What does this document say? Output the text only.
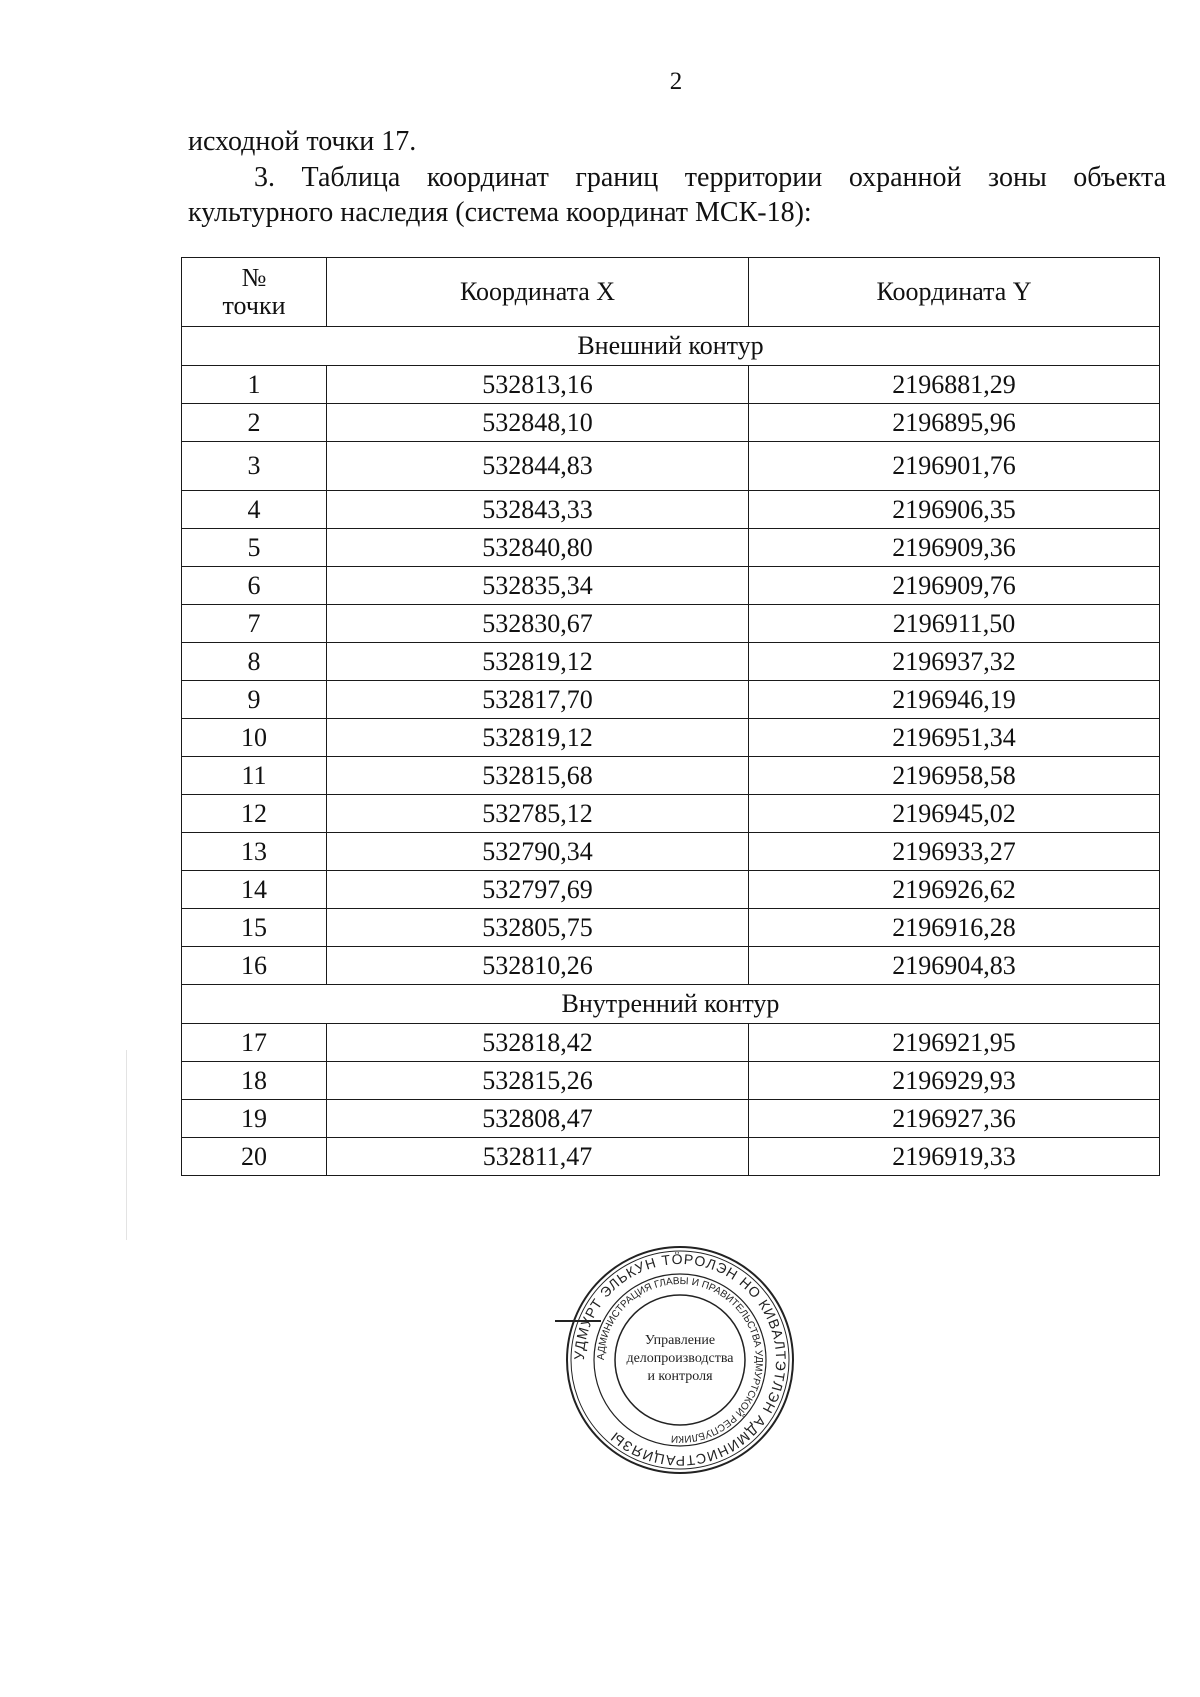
2
исходной точки 17.
3. Таблица координат границ территории охранной зоны объекта культурного наследия (система координат МСК-18):
№
точки	Координата X	Координата Y
Внешний контур		
1	532813,16	2196881,29
2	532848,10	2196895,96
3	532844,83	2196901,76
4	532843,33	2196906,35
5	532840,80	2196909,36
6	532835,34	2196909,76
7	532830,67	2196911,50
8	532819,12	2196937,32
9	532817,70	2196946,19
10	532819,12	2196951,34
11	532815,68	2196958,58
12	532785,12	2196945,02
13	532790,34	2196933,27
14	532797,69	2196926,62
15	532805,75	2196916,28
16	532810,26	2196904,83
Внутренний контур		
17	532818,42	2196921,95
18	532815,26	2196929,93
19	532808,47	2196927,36
20	532811,47	2196919,33
УДМУРТ ЭЛЬКУН ТӦРОЛЭН НО КИВАЛТЭТЛЭН АДМИНИСТРАЦИЯЗЫ
АДМИНИСТРАЦИЯ ГЛАВЫ И ПРАВИТЕЛЬСТВА УДМУРТСКОЙ РЕСПУБЛИКИ
Управление
делопроизводства
и контроля
